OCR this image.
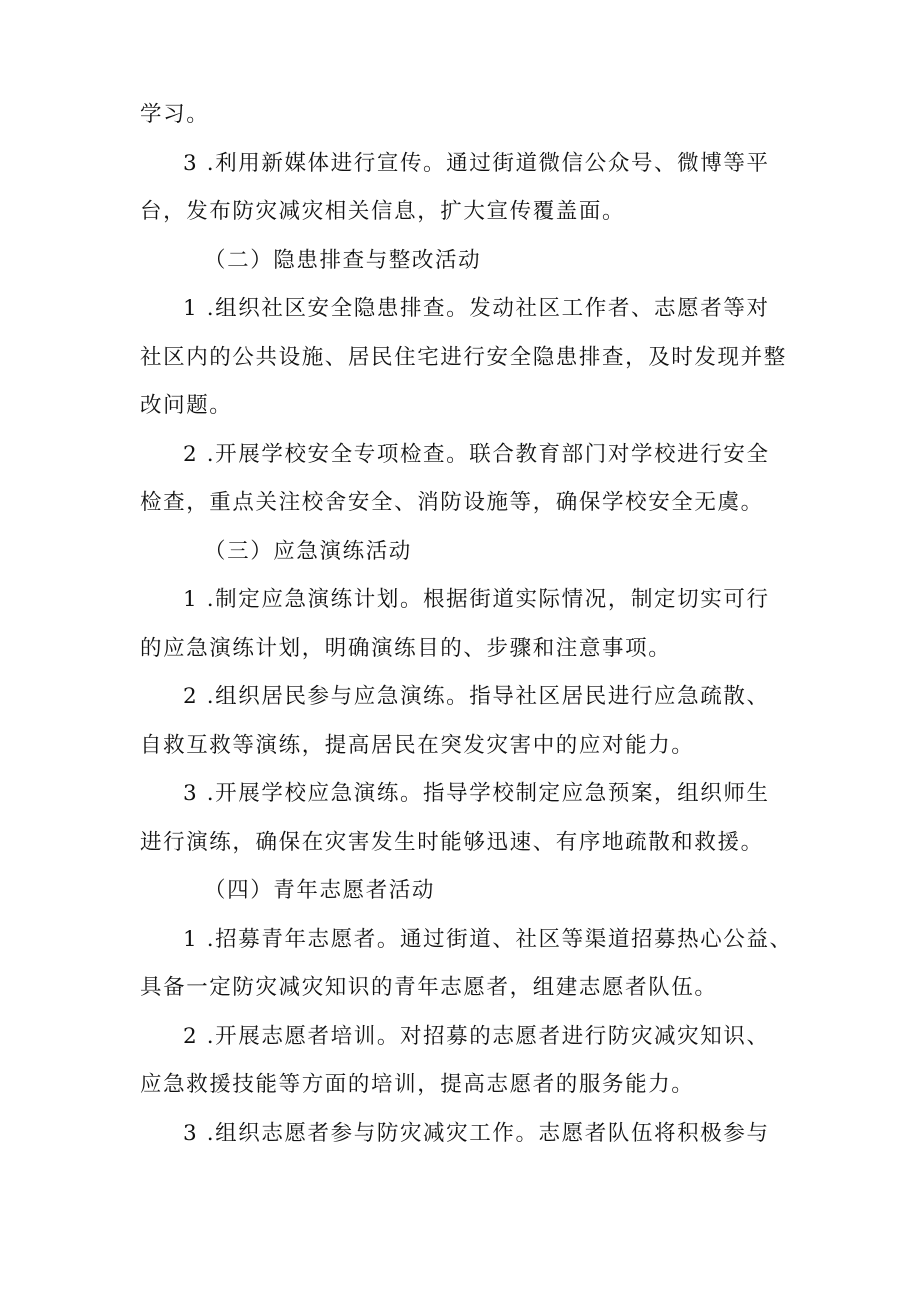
学习。
3 .利用新媒体进行宣传。通过街道微信公众号、微博等平
台，发布防灾减灾相关信息，扩大宣传覆盖面。
（二）隐患排查与整改活动
1 .组织社区安全隐患排查。发动社区工作者、志愿者等对
社区内的公共设施、居民住宅进行安全隐患排查，及时发现并整
改问题。
2 .开展学校安全专项检查。联合教育部门对学校进行安全
检查，重点关注校舍安全、消防设施等，确保学校安全无虞。
（三）应急演练活动
1 .制定应急演练计划。根据街道实际情况，制定切实可行
的应急演练计划，明确演练目的、步骤和注意事项。
2 .组织居民参与应急演练。指导社区居民进行应急疏散、
自救互救等演练，提高居民在突发灾害中的应对能力。
3 .开展学校应急演练。指导学校制定应急预案，组织师生
进行演练，确保在灾害发生时能够迅速、有序地疏散和救援。
（四）青年志愿者活动
1 .招募青年志愿者。通过街道、社区等渠道招募热心公益、
具备一定防灾减灾知识的青年志愿者，组建志愿者队伍。
2 .开展志愿者培训。对招募的志愿者进行防灾减灾知识、
应急救援技能等方面的培训，提高志愿者的服务能力。
3 .组织志愿者参与防灾减灾工作。志愿者队伍将积极参与
